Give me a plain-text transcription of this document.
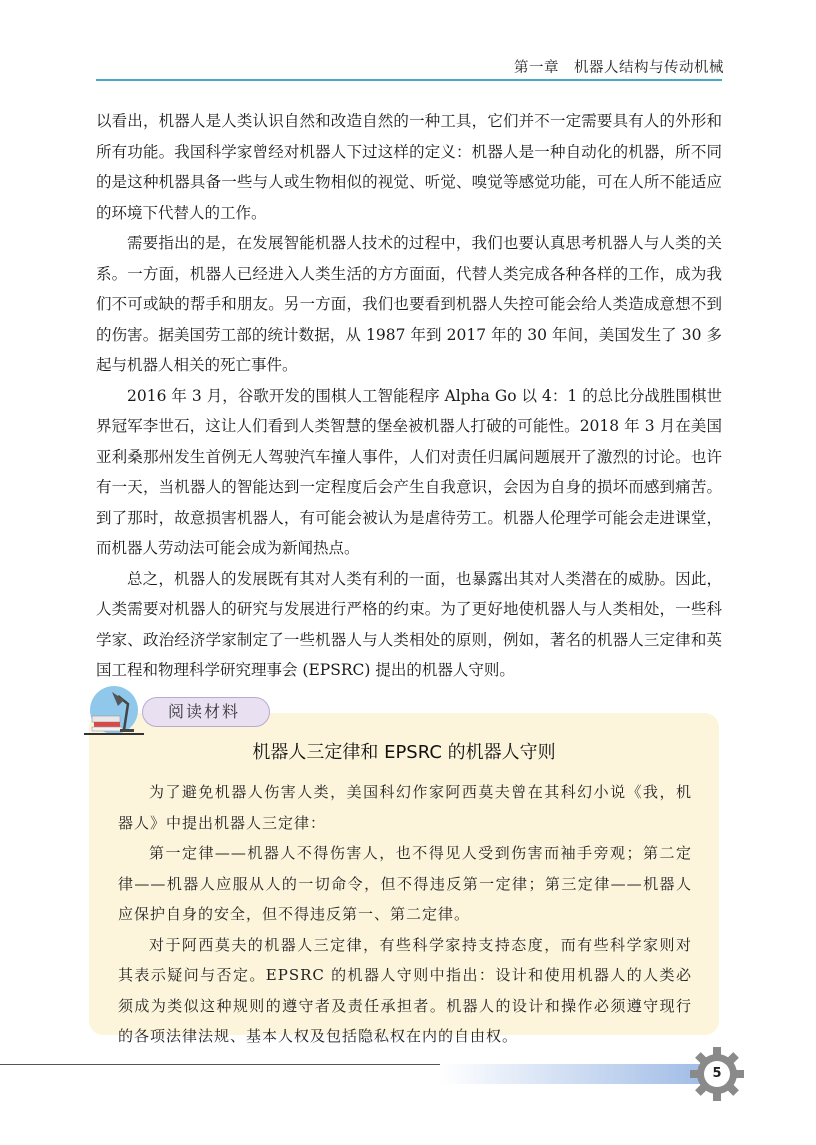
第一章　机器人结构与传动机械

以看出，机器人是人类认识自然和改造自然的一种工具，它们并不一定需要具有人的外形和所有功能。我国科学家曾经对机器人下过这样的定义：机器人是一种自动化的机器，所不同的是这种机器具备一些与人或生物相似的视觉、听觉、嗅觉等感觉功能，可在人所不能适应的环境下代替人的工作。

需要指出的是，在发展智能机器人技术的过程中，我们也要认真思考机器人与人类的关系。一方面，机器人已经进入人类生活的方方面面，代替人类完成各种各样的工作，成为我们不可或缺的帮手和朋友。另一方面，我们也要看到机器人失控可能会给人类造成意想不到的伤害。据美国劳工部的统计数据，从 1987 年到 2017 年的 30 年间，美国发生了 30 多起与机器人相关的死亡事件。

2016 年 3 月，谷歌开发的围棋人工智能程序 Alpha Go 以 4：1 的总比分战胜围棋世界冠军李世石，这让人们看到人类智慧的堡垒被机器人打破的可能性。2018 年 3 月在美国亚利桑那州发生首例无人驾驶汽车撞人事件，人们对责任归属问题展开了激烈的讨论。也许有一天，当机器人的智能达到一定程度后会产生自我意识，会因为自身的损坏而感到痛苦。到了那时，故意损害机器人，有可能会被认为是虐待劳工。机器人伦理学可能会走进课堂，而机器人劳动法可能会成为新闻热点。

总之，机器人的发展既有其对人类有利的一面，也暴露出其对人类潜在的威胁。因此，人类需要对机器人的研究与发展进行严格的约束。为了更好地使机器人与人类相处，一些科学家、政治经济学家制定了一些机器人与人类相处的原则，例如，著名的机器人三定律和英国工程和物理科学研究理事会 (EPSRC) 提出的机器人守则。

阅读材料
机器人三定律和 EPSRC 的机器人守则

为了避免机器人伤害人类，美国科幻作家阿西莫夫曾在其科幻小说《我，机器人》中提出机器人三定律：

第一定律——机器人不得伤害人，也不得见人受到伤害而袖手旁观；第二定律——机器人应服从人的一切命令，但不得违反第一定律；第三定律——机器人应保护自身的安全，但不得违反第一、第二定律。

对于阿西莫夫的机器人三定律，有些科学家持支持态度，而有些科学家则对其表示疑问与否定。EPSRC 的机器人守则中指出：设计和使用机器人的人类必须成为类似这种规则的遵守者及责任承担者。机器人的设计和操作必须遵守现行的各项法律法规、基本人权及包括隐私权在内的自由权。

5
